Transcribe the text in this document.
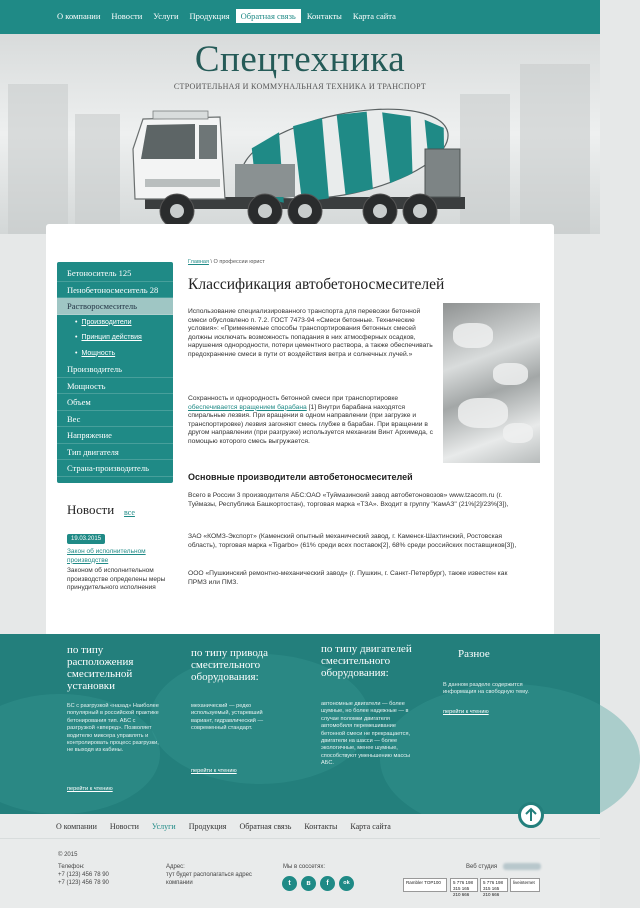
О компании	Новости	Услуги	Продукция	Обратная связь	Контакты	Карта сайта
Спецтехника
СТРОИТЕЛЬНАЯ И КОММУНАЛЬНАЯ ТЕХНИКА И ТРАНСПОРТ
Бетоноситель 125
Пенобетоносмеситель 28
Растворосмеситель
• Производители
• Принцип действия
• Мощность
Производитель
Мощность
Объем
Вес
Напряжение
Тип двигателя
Страна-производитель
Новости все
19.03.2015
Закон об исполнительном производстве
Законом об исполнительном производстве определены меры принудительного исполнения
Главная \ О профессии юрист
Классификация автобетоносмесителей
Использование специализированного транспорта для перевозки бетонной смеси обусловлено п. 7.2. ГОСТ 7473-94 «Смеси бетонные. Технические условия»: «Применяемые способы транспортирования бетонных смесей должны исключать возможность попадания в них атмосферных осадков, нарушения однородности, потери цементного раствора, а также обеспечивать предохранение смеси в пути от воздействия ветра и солнечных лучей.»
Сохранность и однородность бетонной смеси при транспортировке обеспечивается вращением барабана [1] Внутри барабана находятся спиральные лезвия. При вращении в одном направлении (при загрузке и транспортировке) лезвия загоняют смесь глубже в барабан. При вращении в другом направлении (при разгрузке) используется механизм Винт Архимеда, с помощью которого смесь выгружается.
Основные производители автобетоносмесителей
Всего в России 3 производителя АБС:ОАО «Туймазинский завод автобетоновозов» www.tzacom.ru (г. Туймазы, Республика Башкортостан), торговая марка «ТЗА». Входит в группу "КамАЗ" (21%[2]/23%[3]),
ЗАО «КОМЗ-Экспорт» (Каменский опытный механический завод, г. Каменск-Шахтинский, Ростовская область), торговая марка «Tigarbo» (61% среди всех поставок[2], 68% среди российских поставщиков[3]),
ООО «Пушкинский ремонтно-механический завод» (г. Пушкин, г. Санкт-Петербург), также известен как ПРМЗ или ПМЗ.
по типу расположения смесительной установки
БС с разгрузкой «назад» Наиболее популярный в российской практике бетонирования тип. АБС с разгрузкой «вперед». Позволяет водителю миксера управлять и контролировать процесс разгрузки, не выходя из кабины.
перейти к чтению
по типу привода смесительного оборудования:
механический — редко используемый, устаревший вариант, гидравлический — современный стандарт.
перейти к чтению
по типу двигателей смесительного оборудования:
автономные двигатели — более шумные, но более надежные — в случае поломки двигателя автомобиля перемешивание бетонной смеси не прекращается, двигатели на шасси — более экологичные, менее шумные, способствуют уменьшению массы АБС.
Разное
В данном разделе содержится информация на свободную тему.
перейти к чтению
О компании Новости Услуги Продукция Обратная связь Контакты Карта сайта
© 2015
Телефон:
+7 (123) 456 78 90
+7 (123) 456 78 90
Адрес:
тут будет располагаться адрес компании
Мы в соссетях:
t	в	f	ok
Веб студия
Rambler TOP100	5 776 198 315 165 210 666
5 776 198 315 165 210 666
liveinternet
